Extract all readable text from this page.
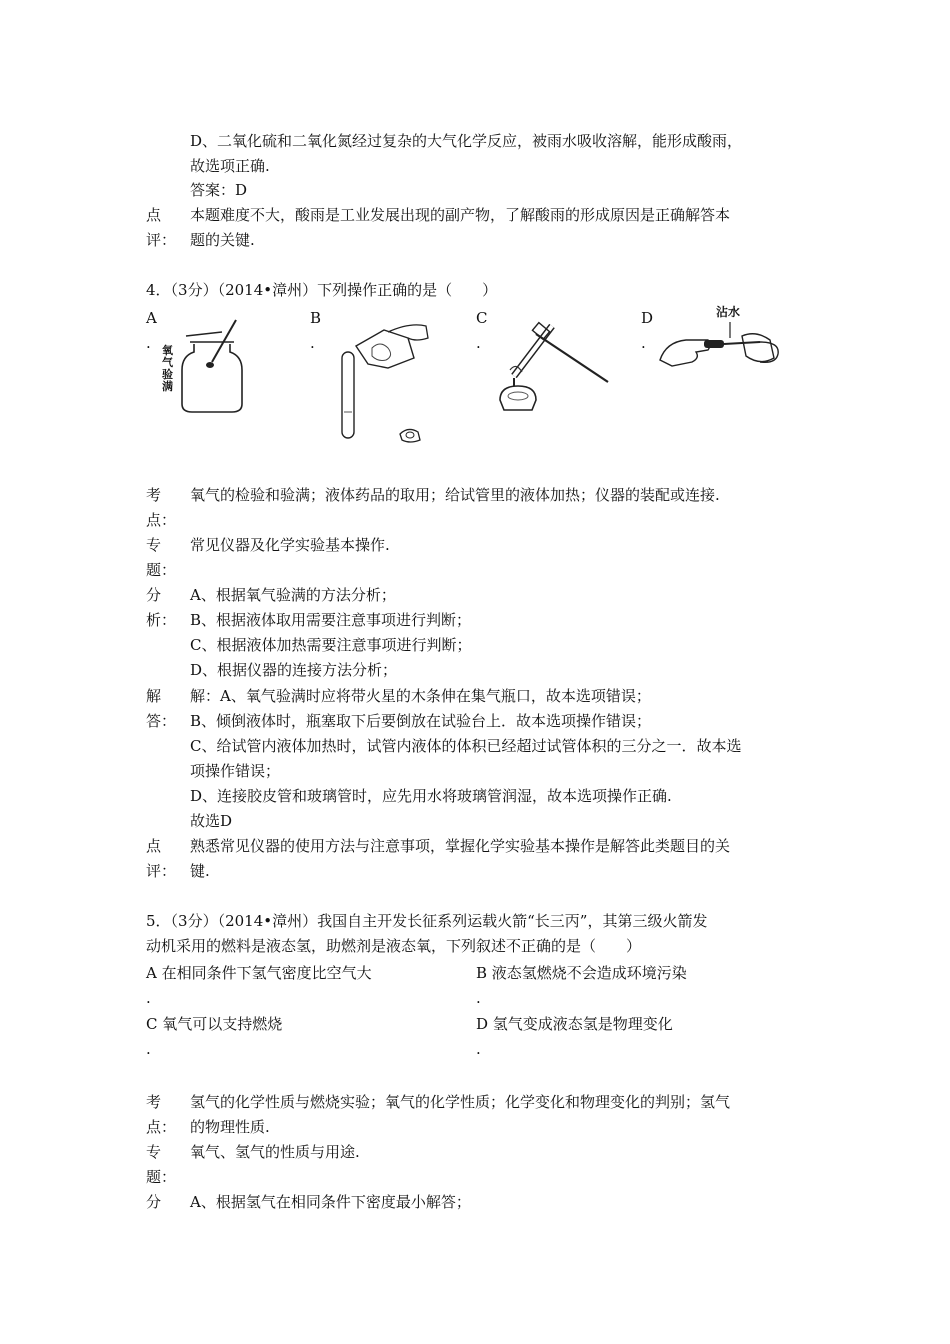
D、二氧化硫和二氧化氮经过复杂的大气化学反应，被雨水吸收溶解，能形成酸雨，
故选项正确.
答案：D
点
评：
本题难度不大，酸雨是工业发展出现的副产物，了解酸雨的形成原因是正确解答本
题的关键.
4．（3分）（2014•漳州）下列操作正确的是（　　）
A
.
B
.
C
.
D
.
氧气验满
沾水
考
点：
氧气的检验和验满；液体药品的取用；给试管里的液体加热；仪器的装配或连接.
专
题：
常见仪器及化学实验基本操作.
分
析：
A、根据氧气验满的方法分析；
B、根据液体取用需要注意事项进行判断；
C、根据液体加热需要注意事项进行判断；
D、根据仪器的连接方法分析；
解
答：
解：A、氧气验满时应将带火星的木条伸在集气瓶口，故本选项错误；
B、倾倒液体时，瓶塞取下后要倒放在试验台上．故本选项操作错误；
C、给试管内液体加热时，试管内液体的体积已经超过试管体积的三分之一．故本选
项操作错误；
D、连接胶皮管和玻璃管时，应先用水将玻璃管润湿，故本选项操作正确.
故选D
点
评：
熟悉常见仪器的使用方法与注意事项，掌握化学实验基本操作是解答此类题目的关
键.
5．（3分）（2014•漳州）我国自主开发长征系列运载火箭“长三丙”，其第三级火箭发
动机采用的燃料是液态氢，助燃剂是液态氧，下列叙述不正确的是（　　）
A 在相同条件下氢气密度比空气大
.
B 液态氢燃烧不会造成环境污染
.
C 氧气可以支持燃烧
.
D 氢气变成液态氢是物理变化
.
考
点：
氢气的化学性质与燃烧实验；氧气的化学性质；化学变化和物理变化的判别；氢气
的物理性质.
专
题：
氧气、氢气的性质与用途.
分 A、根据氢气在相同条件下密度最小解答；
